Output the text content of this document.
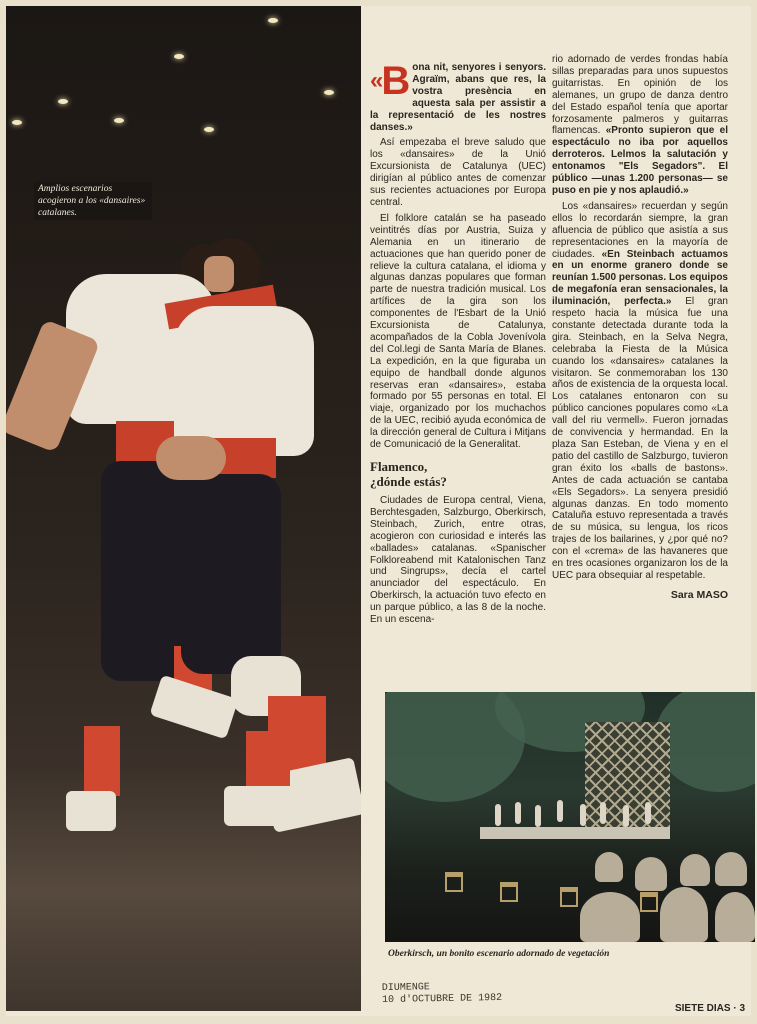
Amplios escenarios acogieron a los «dansaires» catalanes.

«B ona nit, senyores i senyors. Agraïm, abans que res, la vostra presència en aquesta sala per assistir a la representació de les nostres danses.»

Así empezaba el breve saludo que los «dansaires» de la Unió Excursionista de Catalunya (UEC) dirigían al público antes de comenzar sus recientes actuaciones por Europa central.

El folklore catalán se ha paseado veintitrés días por Austria, Suiza y Alemania en un itinerario de actuaciones que han querido poner de relieve la cultura catalana, el idioma y algunas danzas populares que forman parte de nuestra tradición musical. Los artífices de la gira son los componentes de l'Esbart de la Unió Excursionista de Catalunya, acompañados de la Cobla Jovenívola del Col.legi de Santa María de Blanes. La expedición, en la que figuraba un equipo de handball donde algunos reservas eran «dansaires», estaba formado por 55 personas en total. El viaje, organizado por los muchachos de la UEC, recibió ayuda económica de la dirección general de Cultura i Mitjans de Comunicació de la Generalitat.

Flamenco,
¿dónde estás?

Ciudades de Europa central, Viena, Berchtesgaden, Salzburgo, Oberkirsch, Steinbach, Zurich, entre otras, acogieron con curiosidad e interés las «ballades» catalanas. «Spanischer Folkloreabend mit Katalonischen Tanz und Singrups», decía el cartel anunciador del espectáculo. En Oberkirsch, la actuación tuvo efecto en un parque público, a las 8 de la noche. En un escena-

rio adornado de verdes frondas había sillas preparadas para unos supuestos guitarristas. En opinión de los alemanes, un grupo de danza dentro del Estado español tenía que aportar forzosamente palmeros y guitarras flamencas. «Pronto supieron que el espectáculo no iba por aquellos derroteros. Lelmos la salutación y entonamos "Els Segadors". El público —unas 1.200 personas— se puso en pie y nos aplaudió.»

Los «dansaires» recuerdan y según ellos lo recordarán siempre, la gran afluencia de público que asistía a sus representaciones en la mayoría de ciudades. «En Steinbach actuamos en un enorme granero donde se reunían 1.500 personas. Los equipos de megafonía eran sensacionales, la iluminación, perfecta.» El gran respeto hacia la música fue una constante detectada durante toda la gira. Steinbach, en la Selva Negra, celebraba la Fiesta de la Música cuando los «dansaires» catalanes la visitaron. Se conmemoraban los 130 años de existencia de la orquesta local. Los catalanes entonaron con su público canciones populares como «La vall del riu vermell». Fueron jornadas de convivencia y hermandad. En la plaza San Esteban, de Viena y en el patio del castillo de Salzburgo, tuvieron gran éxito los «balls de bastons». Antes de cada actuación se cantaba «Els Segadors». La senyera presidió algunas danzas. En todo momento Cataluña estuvo representada a través de su música, su lengua, los ricos trajes de los bailarines, y ¿por qué no? con el «crema» de las havaneres que en tres ocasiones organizaron los de la UEC para obsequiar al respetable.

Sara MASO
Oberkirsch, un bonito escenario adornado de vegetación
DIUMENGE
10 d'OCTUBRE DE 1982
SIETE DIAS · 3
